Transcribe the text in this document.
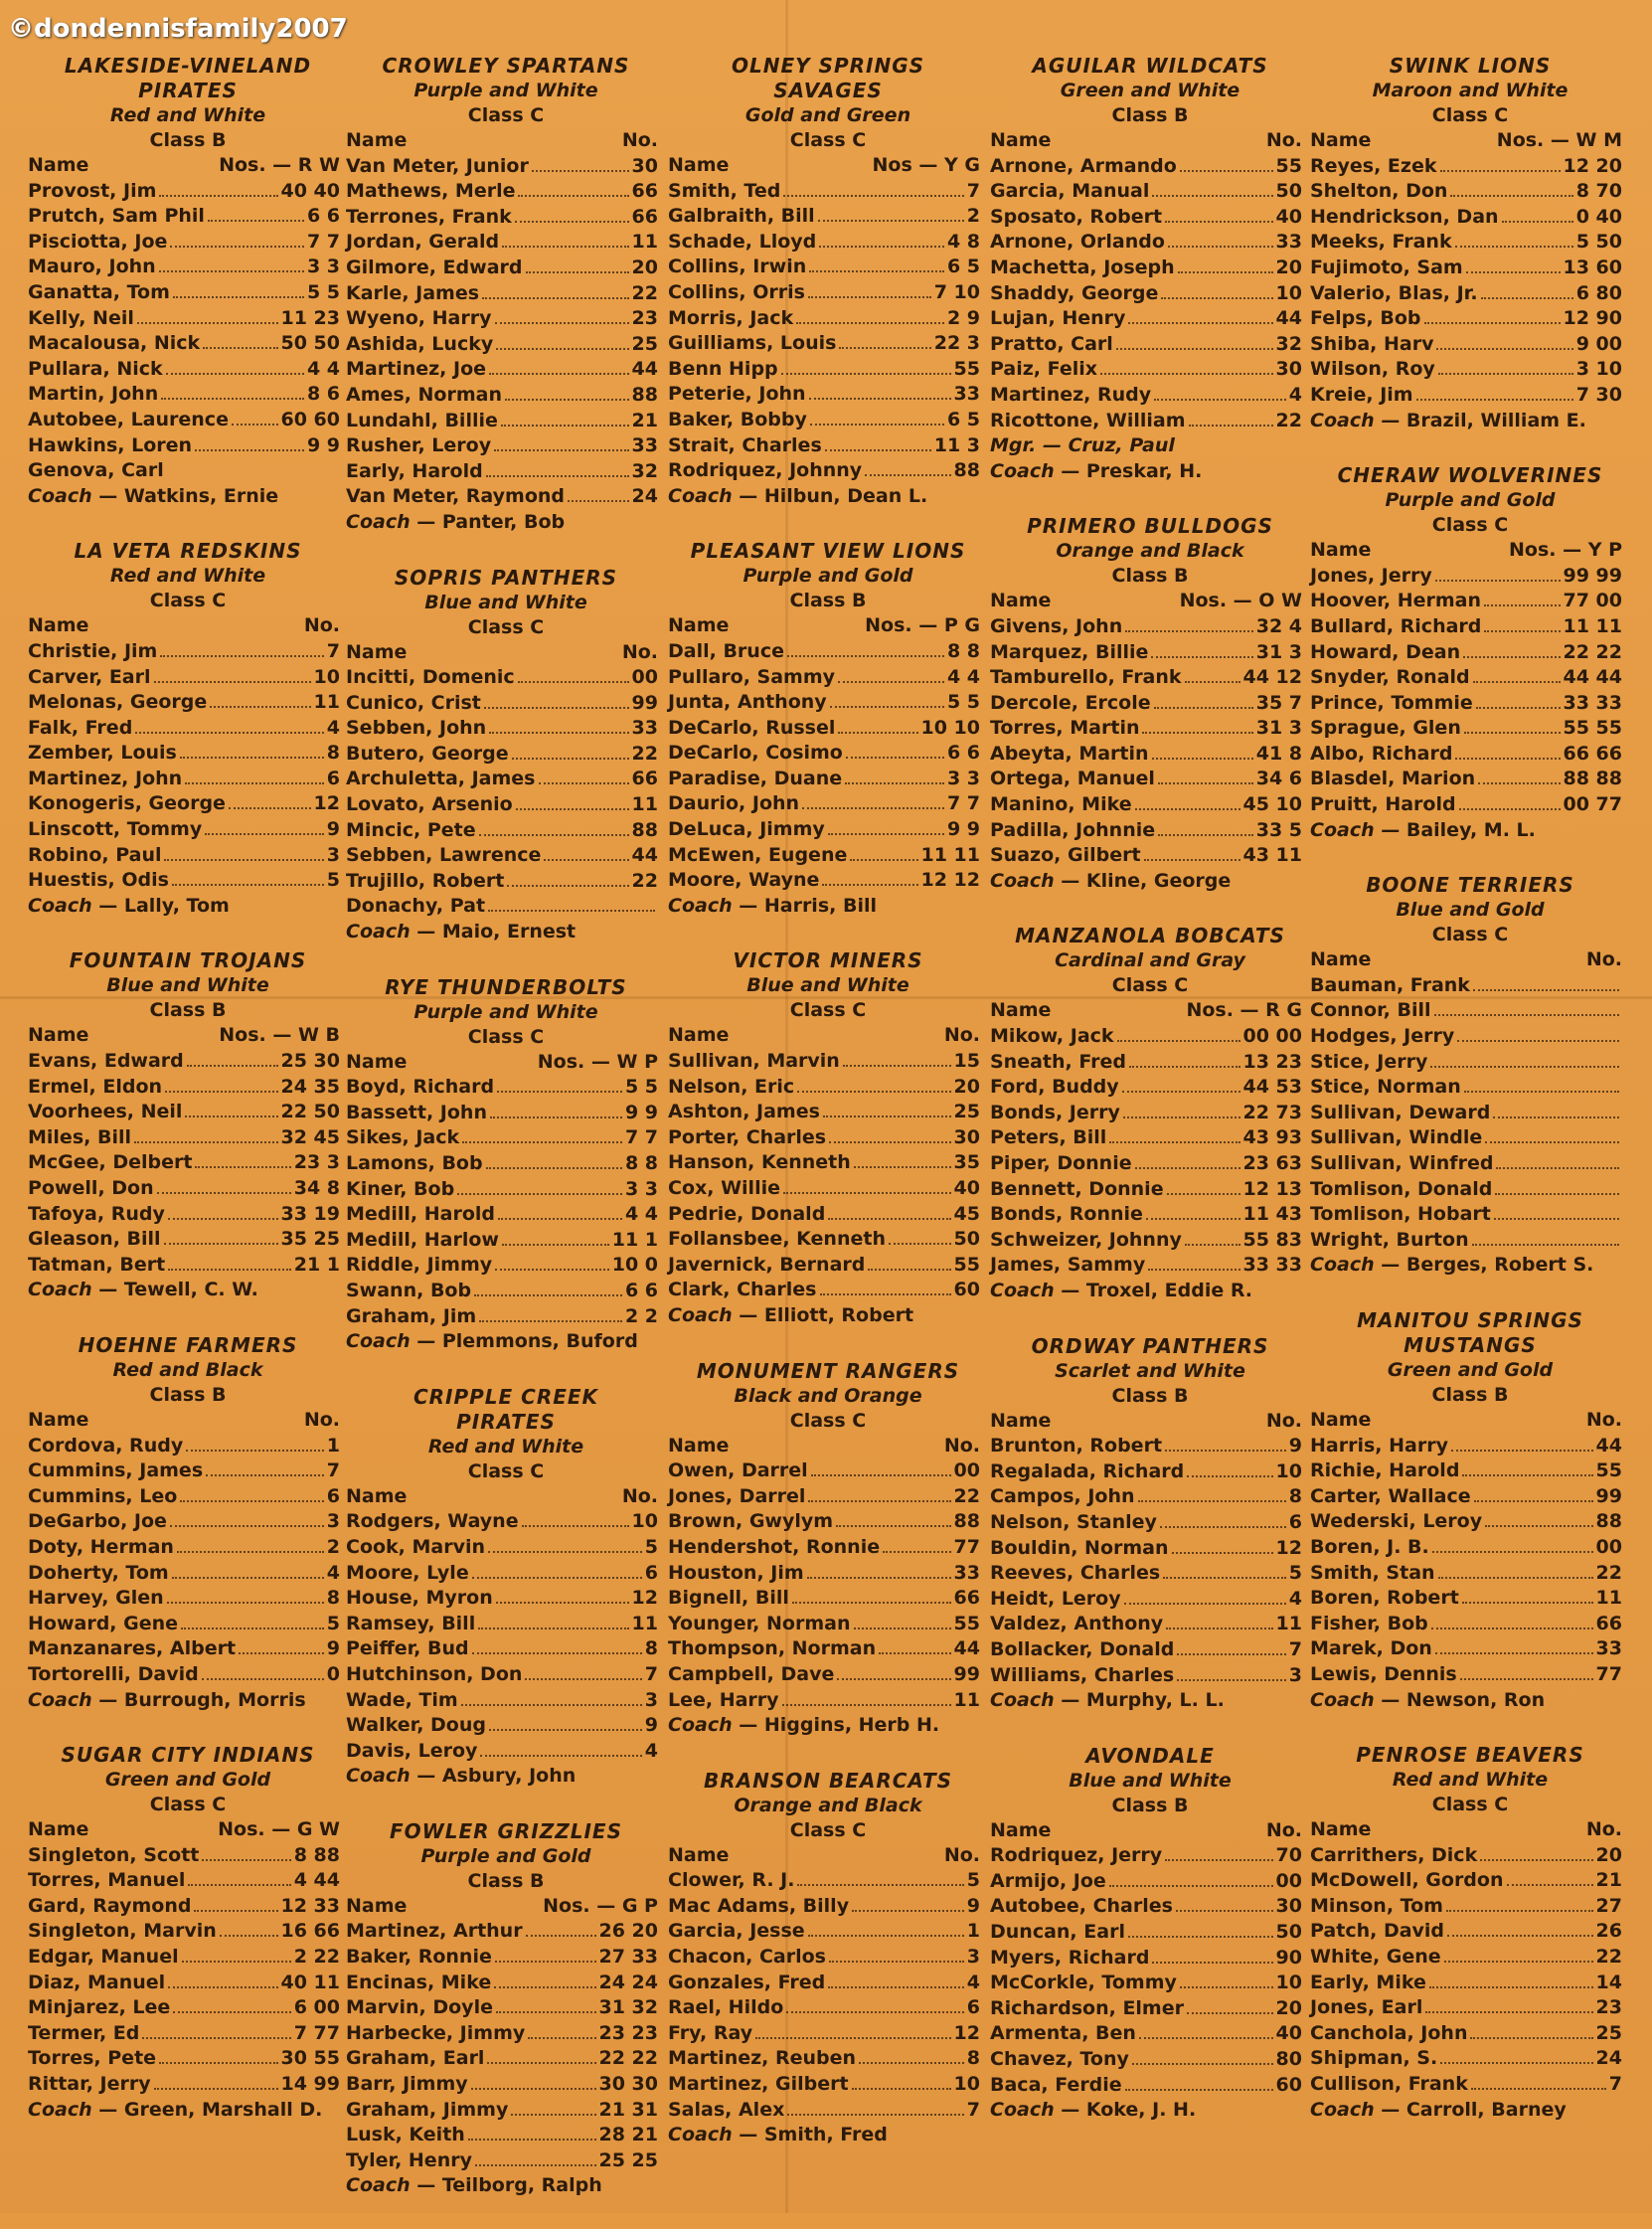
©dondennisfamily2007
LAKESIDE-VINELAND PIRATES
Red and White
Class B
Name	Nos. — R W
Provost, Jim	40 40
Prutch, Sam Phil	6 6
Pisciotta, Joe	7 7
Mauro, John	3 3
Ganatta, Tom	5 5
Kelly, Neil	11 23
Macalousa, Nick	50 50
Pullara, Nick	4 4
Martin, John	8 6
Autobee, Laurence	60 60
Hawkins, Loren	9 9
Genova, Carl
Coach — Watkins, Ernie
LA VETA REDSKINS
Red and White
Class C
Name	No.
Christie, Jim	7
Carver, Earl	10
Melonas, George	11
Falk, Fred	4
Zember, Louis	8
Martinez, John	6
Konogeris, George	12
Linscott, Tommy	9
Robino, Paul	3
Huestis, Odis	5
Coach — Lally, Tom
FOUNTAIN TROJANS
Blue and White
Class B
Name	Nos. — W B
Evans, Edward	25 30
Ermel, Eldon	24 35
Voorhees, Neil	22 50
Miles, Bill	32 45
McGee, Delbert	23 3
Powell, Don	34 8
Tafoya, Rudy	33 19
Gleason, Bill	35 25
Tatman, Bert	21 1
Coach — Tewell, C. W.
HOEHNE FARMERS
Red and Black
Class B
Name	No.
Cordova, Rudy	1
Cummins, James	7
Cummins, Leo	6
DeGarbo, Joe	3
Doty, Herman	2
Doherty, Tom	4
Harvey, Glen	8
Howard, Gene	5
Manzanares, Albert	9
Tortorelli, David	0
Coach — Burrough, Morris
SUGAR CITY INDIANS
Green and Gold
Class C
Name	Nos. — G W
Singleton, Scott	8 88
Torres, Manuel	4 44
Gard, Raymond	12 33
Singleton, Marvin	16 66
Edgar, Manuel	2 22
Diaz, Manuel	40 11
Minjarez, Lee	6 00
Termer, Ed	7 77
Torres, Pete	30 55
Rittar, Jerry	14 99
Coach — Green, Marshall D.
CROWLEY SPARTANS
Purple and White
Class C
Name	No.
Van Meter, Junior	30
Mathews, Merle	66
Terrones, Frank	66
Jordan, Gerald	11
Gilmore, Edward	20
Karle, James	22
Wyeno, Harry	23
Ashida, Lucky	25
Martinez, Joe	44
Ames, Norman	88
Lundahl, Billie	21
Rusher, Leroy	33
Early, Harold	32
Van Meter, Raymond	24
Coach — Panter, Bob
SOPRIS PANTHERS
Blue and White
Class C
Name	No.
Incitti, Domenic	00
Cunico, Crist	99
Sebben, John	33
Butero, George	22
Archuletta, James	66
Lovato, Arsenio	11
Mincic, Pete	88
Sebben, Lawrence	44
Trujillo, Robert	22
Donachy, Pat
Coach — Maio, Ernest
RYE THUNDERBOLTS
Purple and White
Class C
Name	Nos. — W P
Boyd, Richard	5 5
Bassett, John	9 9
Sikes, Jack	7 7
Lamons, Bob	8 8
Kiner, Bob	3 3
Medill, Harold	4 4
Medill, Harlow	11 1
Riddle, Jimmy	10 0
Swann, Bob	6 6
Graham, Jim	2 2
Coach — Plemmons, Buford
CRIPPLE CREEK
PIRATES
Red and White
Class C
Name	No.
Rodgers, Wayne	10
Cook, Marvin	5
Moore, Lyle	6
House, Myron	12
Ramsey, Bill	11
Peiffer, Bud	8
Hutchinson, Don	7
Wade, Tim	3
Walker, Doug	9
Davis, Leroy	4
Coach — Asbury, John
FOWLER GRIZZLIES
Purple and Gold
Class B
Name	Nos. — G P
Martinez, Arthur	26 20
Baker, Ronnie	27 33
Encinas, Mike	24 24
Marvin, Doyle	31 32
Harbecke, Jimmy	23 23
Graham, Earl	22 22
Barr, Jimmy	30 30
Graham, Jimmy	21 31
Lusk, Keith	28 21
Tyler, Henry	25 25
Coach — Teilborg, Ralph
OLNEY SPRINGS
SAVAGES
Gold and Green
Class C
Name	Nos — Y G
Smith, Ted	7
Galbraith, Bill	2
Schade, Lloyd	4 8
Collins, Irwin	6 5
Collins, Orris	7 10
Morris, Jack	2 9
Guilliams, Louis	22 3
Benn Hipp	55
Peterie, John	33
Baker, Bobby	6 5
Strait, Charles	11 3
Rodriquez, Johnny	88
Coach — Hilbun, Dean L.
PLEASANT VIEW LIONS
Purple and Gold
Class B
Name	Nos. — P G
Dall, Bruce	8 8
Pullaro, Sammy	4 4
Junta, Anthony	5 5
DeCarlo, Russel	10 10
DeCarlo, Cosimo	6 6
Paradise, Duane	3 3
Daurio, John	7 7
DeLuca, Jimmy	9 9
McEwen, Eugene	11 11
Moore, Wayne	12 12
Coach — Harris, Bill
VICTOR MINERS
Blue and White
Class C
Name	No.
Sullivan, Marvin	15
Nelson, Eric	20
Ashton, James	25
Porter, Charles	30
Hanson, Kenneth	35
Cox, Willie	40
Pedrie, Donald	45
Follansbee, Kenneth	50
Javernick, Bernard	55
Clark, Charles	60
Coach — Elliott, Robert
MONUMENT RANGERS
Black and Orange
Class C
Name	No.
Owen, Darrel	00
Jones, Darrel	22
Brown, Gwylym	88
Hendershot, Ronnie	77
Houston, Jim	33
Bignell, Bill	66
Younger, Norman	55
Thompson, Norman	44
Campbell, Dave	99
Lee, Harry	11
Coach — Higgins, Herb H.
BRANSON BEARCATS
Orange and Black
Class C
Name	No.
Clower, R. J.	5
Mac Adams, Billy	9
Garcia, Jesse	1
Chacon, Carlos	3
Gonzales, Fred	4
Rael, Hildo	6
Fry, Ray	12
Martinez, Reuben	8
Martinez, Gilbert	10
Salas, Alex	7
Coach — Smith, Fred
AGUILAR WILDCATS
Green and White
Class B
Name	No.
Arnone, Armando	55
Garcia, Manual	50
Sposato, Robert	40
Arnone, Orlando	33
Machetta, Joseph	20
Shaddy, George	10
Lujan, Henry	44
Pratto, Carl	32
Paiz, Felix	30
Martinez, Rudy	4
Ricottone, William	22
Mgr. — Cruz, Paul
Coach — Preskar, H.
PRIMERO BULLDOGS
Orange and Black
Class B
Name	Nos. — O W
Givens, John	32 4
Marquez, Billie	31 3
Tamburello, Frank	44 12
Dercole, Ercole	35 7
Torres, Martin	31 3
Abeyta, Martin	41 8
Ortega, Manuel	34 6
Manino, Mike	45 10
Padilla, Johnnie	33 5
Suazo, Gilbert	43 11
Coach — Kline, George
MANZANOLA BOBCATS
Cardinal and Gray
Class C
Name	Nos. — R G
Mikow, Jack	00 00
Sneath, Fred	13 23
Ford, Buddy	44 53
Bonds, Jerry	22 73
Peters, Bill	43 93
Piper, Donnie	23 63
Bennett, Donnie	12 13
Bonds, Ronnie	11 43
Schweizer, Johnny	55 83
James, Sammy	33 33
Coach — Troxel, Eddie R.
ORDWAY PANTHERS
Scarlet and White
Class B
Name	No.
Brunton, Robert	9
Regalada, Richard	10
Campos, John	8
Nelson, Stanley	6
Bouldin, Norman	12
Reeves, Charles	5
Heidt, Leroy	4
Valdez, Anthony	11
Bollacker, Donald	7
Williams, Charles	3
Coach — Murphy, L. L.
AVONDALE
Blue and White
Class B
Name	No.
Rodriquez, Jerry	70
Armijo, Joe	00
Autobee, Charles	30
Duncan, Earl	50
Myers, Richard	90
McCorkle, Tommy	10
Richardson, Elmer	20
Armenta, Ben	40
Chavez, Tony	80
Baca, Ferdie	60
Coach — Koke, J. H.
SWINK LIONS
Maroon and White
Class C
Name	Nos. — W M
Reyes, Ezek	12 20
Shelton, Don	8 70
Hendrickson, Dan	0 40
Meeks, Frank	5 50
Fujimoto, Sam	13 60
Valerio, Blas, Jr.	6 80
Felps, Bob	12 90
Shiba, Harv	9 00
Wilson, Roy	3 10
Kreie, Jim	7 30
Coach — Brazil, William E.
CHERAW WOLVERINES
Purple and Gold
Class C
Name	Nos. — Y P
Jones, Jerry	99 99
Hoover, Herman	77 00
Bullard, Richard	11 11
Howard, Dean	22 22
Snyder, Ronald	44 44
Prince, Tommie	33 33
Sprague, Glen	55 55
Albo, Richard	66 66
Blasdel, Marion	88 88
Pruitt, Harold	00 77
Coach — Bailey, M. L.
BOONE TERRIERS
Blue and Gold
Class C
Name	No.
Bauman, Frank
Connor, Bill
Hodges, Jerry
Stice, Jerry
Stice, Norman
Sullivan, Deward
Sullivan, Windle
Sullivan, Winfred
Tomlison, Donald
Tomlison, Hobart
Wright, Burton
Coach — Berges, Robert S.
MANITOU SPRINGS
MUSTANGS
Green and Gold
Class B
Name	No.
Harris, Harry	44
Richie, Harold	55
Carter, Wallace	99
Wederski, Leroy	88
Boren, J. B.	00
Smith, Stan	22
Boren, Robert	11
Fisher, Bob	66
Marek, Don	33
Lewis, Dennis	77
Coach — Newson, Ron
PENROSE BEAVERS
Red and White
Class C
Name	No.
Carrithers, Dick	20
McDowell, Gordon	21
Minson, Tom	27
Patch, David	26
White, Gene	22
Early, Mike	14
Jones, Earl	23
Canchola, John	25
Shipman, S.	24
Cullison, Frank	7
Coach — Carroll, Barney
